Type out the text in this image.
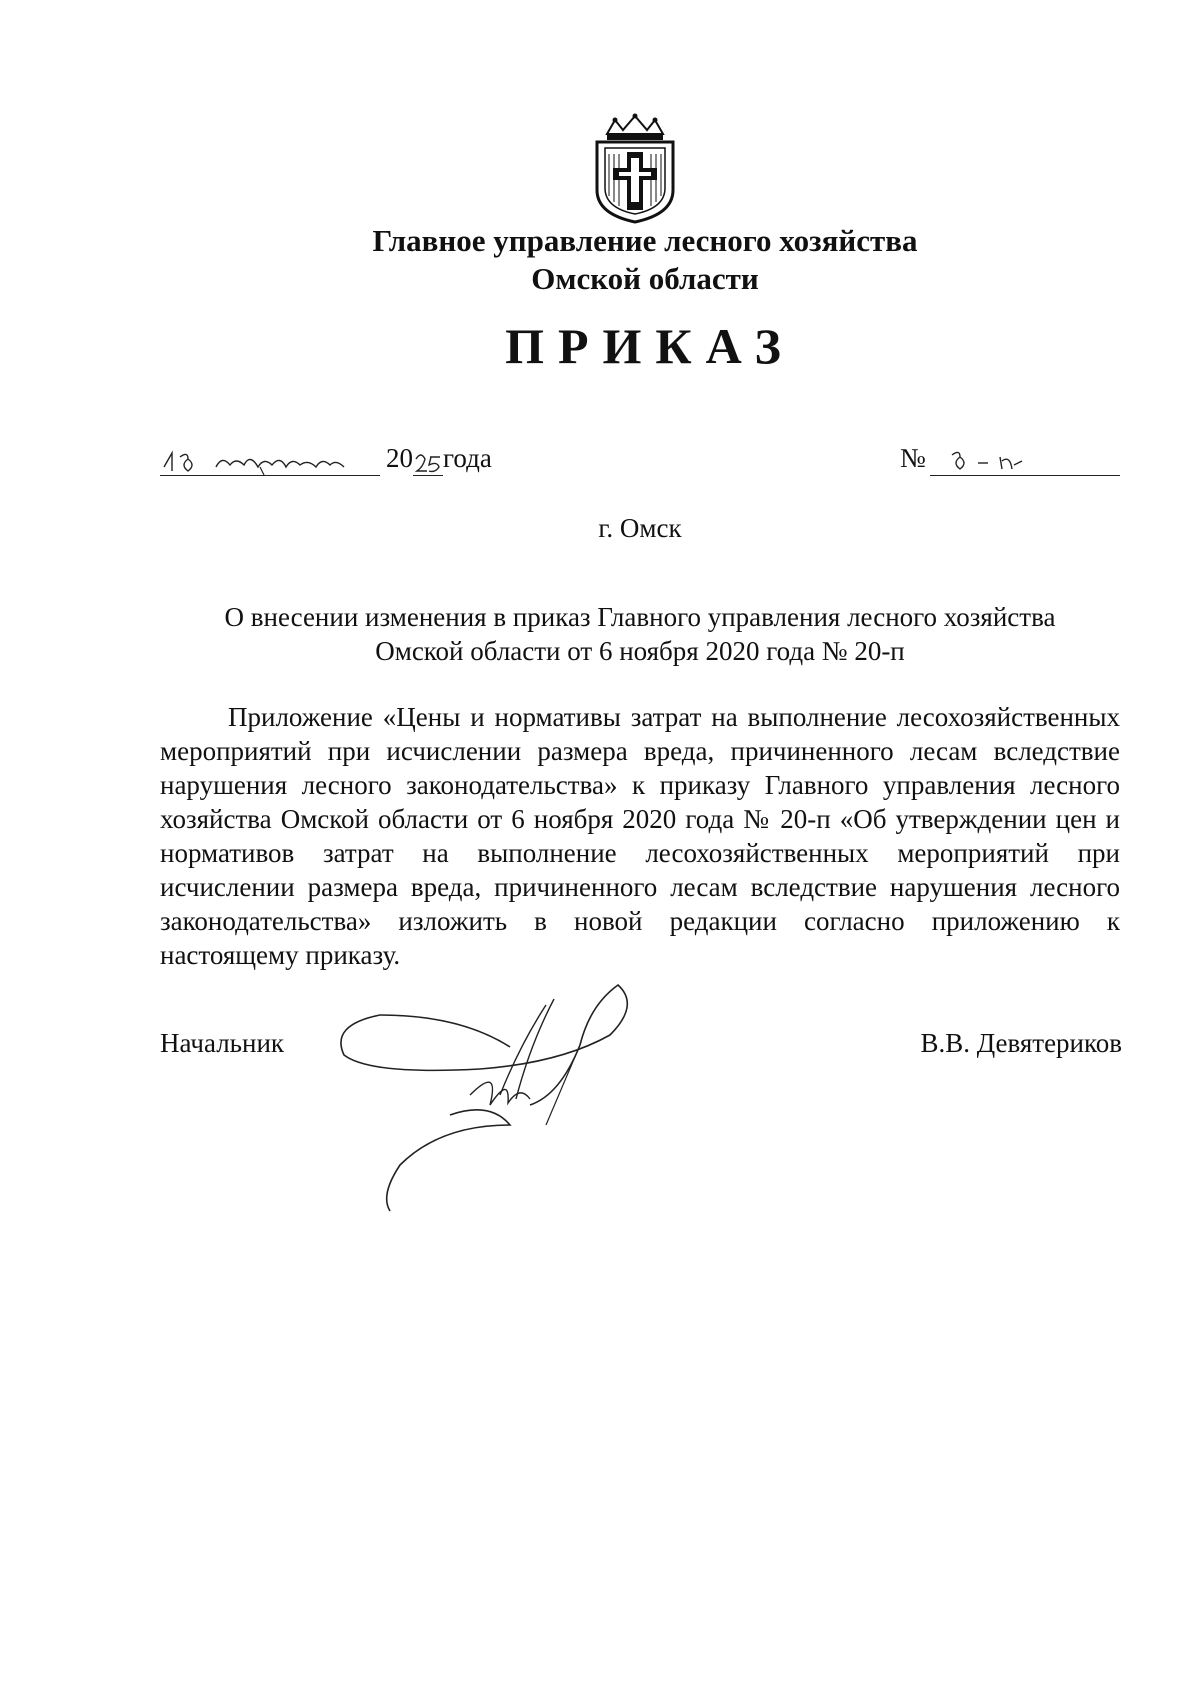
Главное управление лесного хозяйства
Омской области
ПРИКАЗ
20 года	№
г. Омск
О внесении изменения в приказ Главного управления лесного хозяйства
Омской области от 6 ноября 2020 года № 20-п

Приложение «Цены и нормативы затрат на выполнение лесохозяйственных мероприятий при исчислении размера вреда, причиненного лесам вследствие нарушения лесного законодательства» к приказу Главного управления лесного хозяйства Омской области от 6 ноября 2020 года № 20-п «Об утверждении цен и нормативов затрат на выполнение лесохозяйственных мероприятий при исчислении размера вреда, причиненного лесам вследствие нарушения лесного законодательства» изложить в новой редакции согласно приложению к настоящему приказу.

Начальник	В.В. Девятериков
